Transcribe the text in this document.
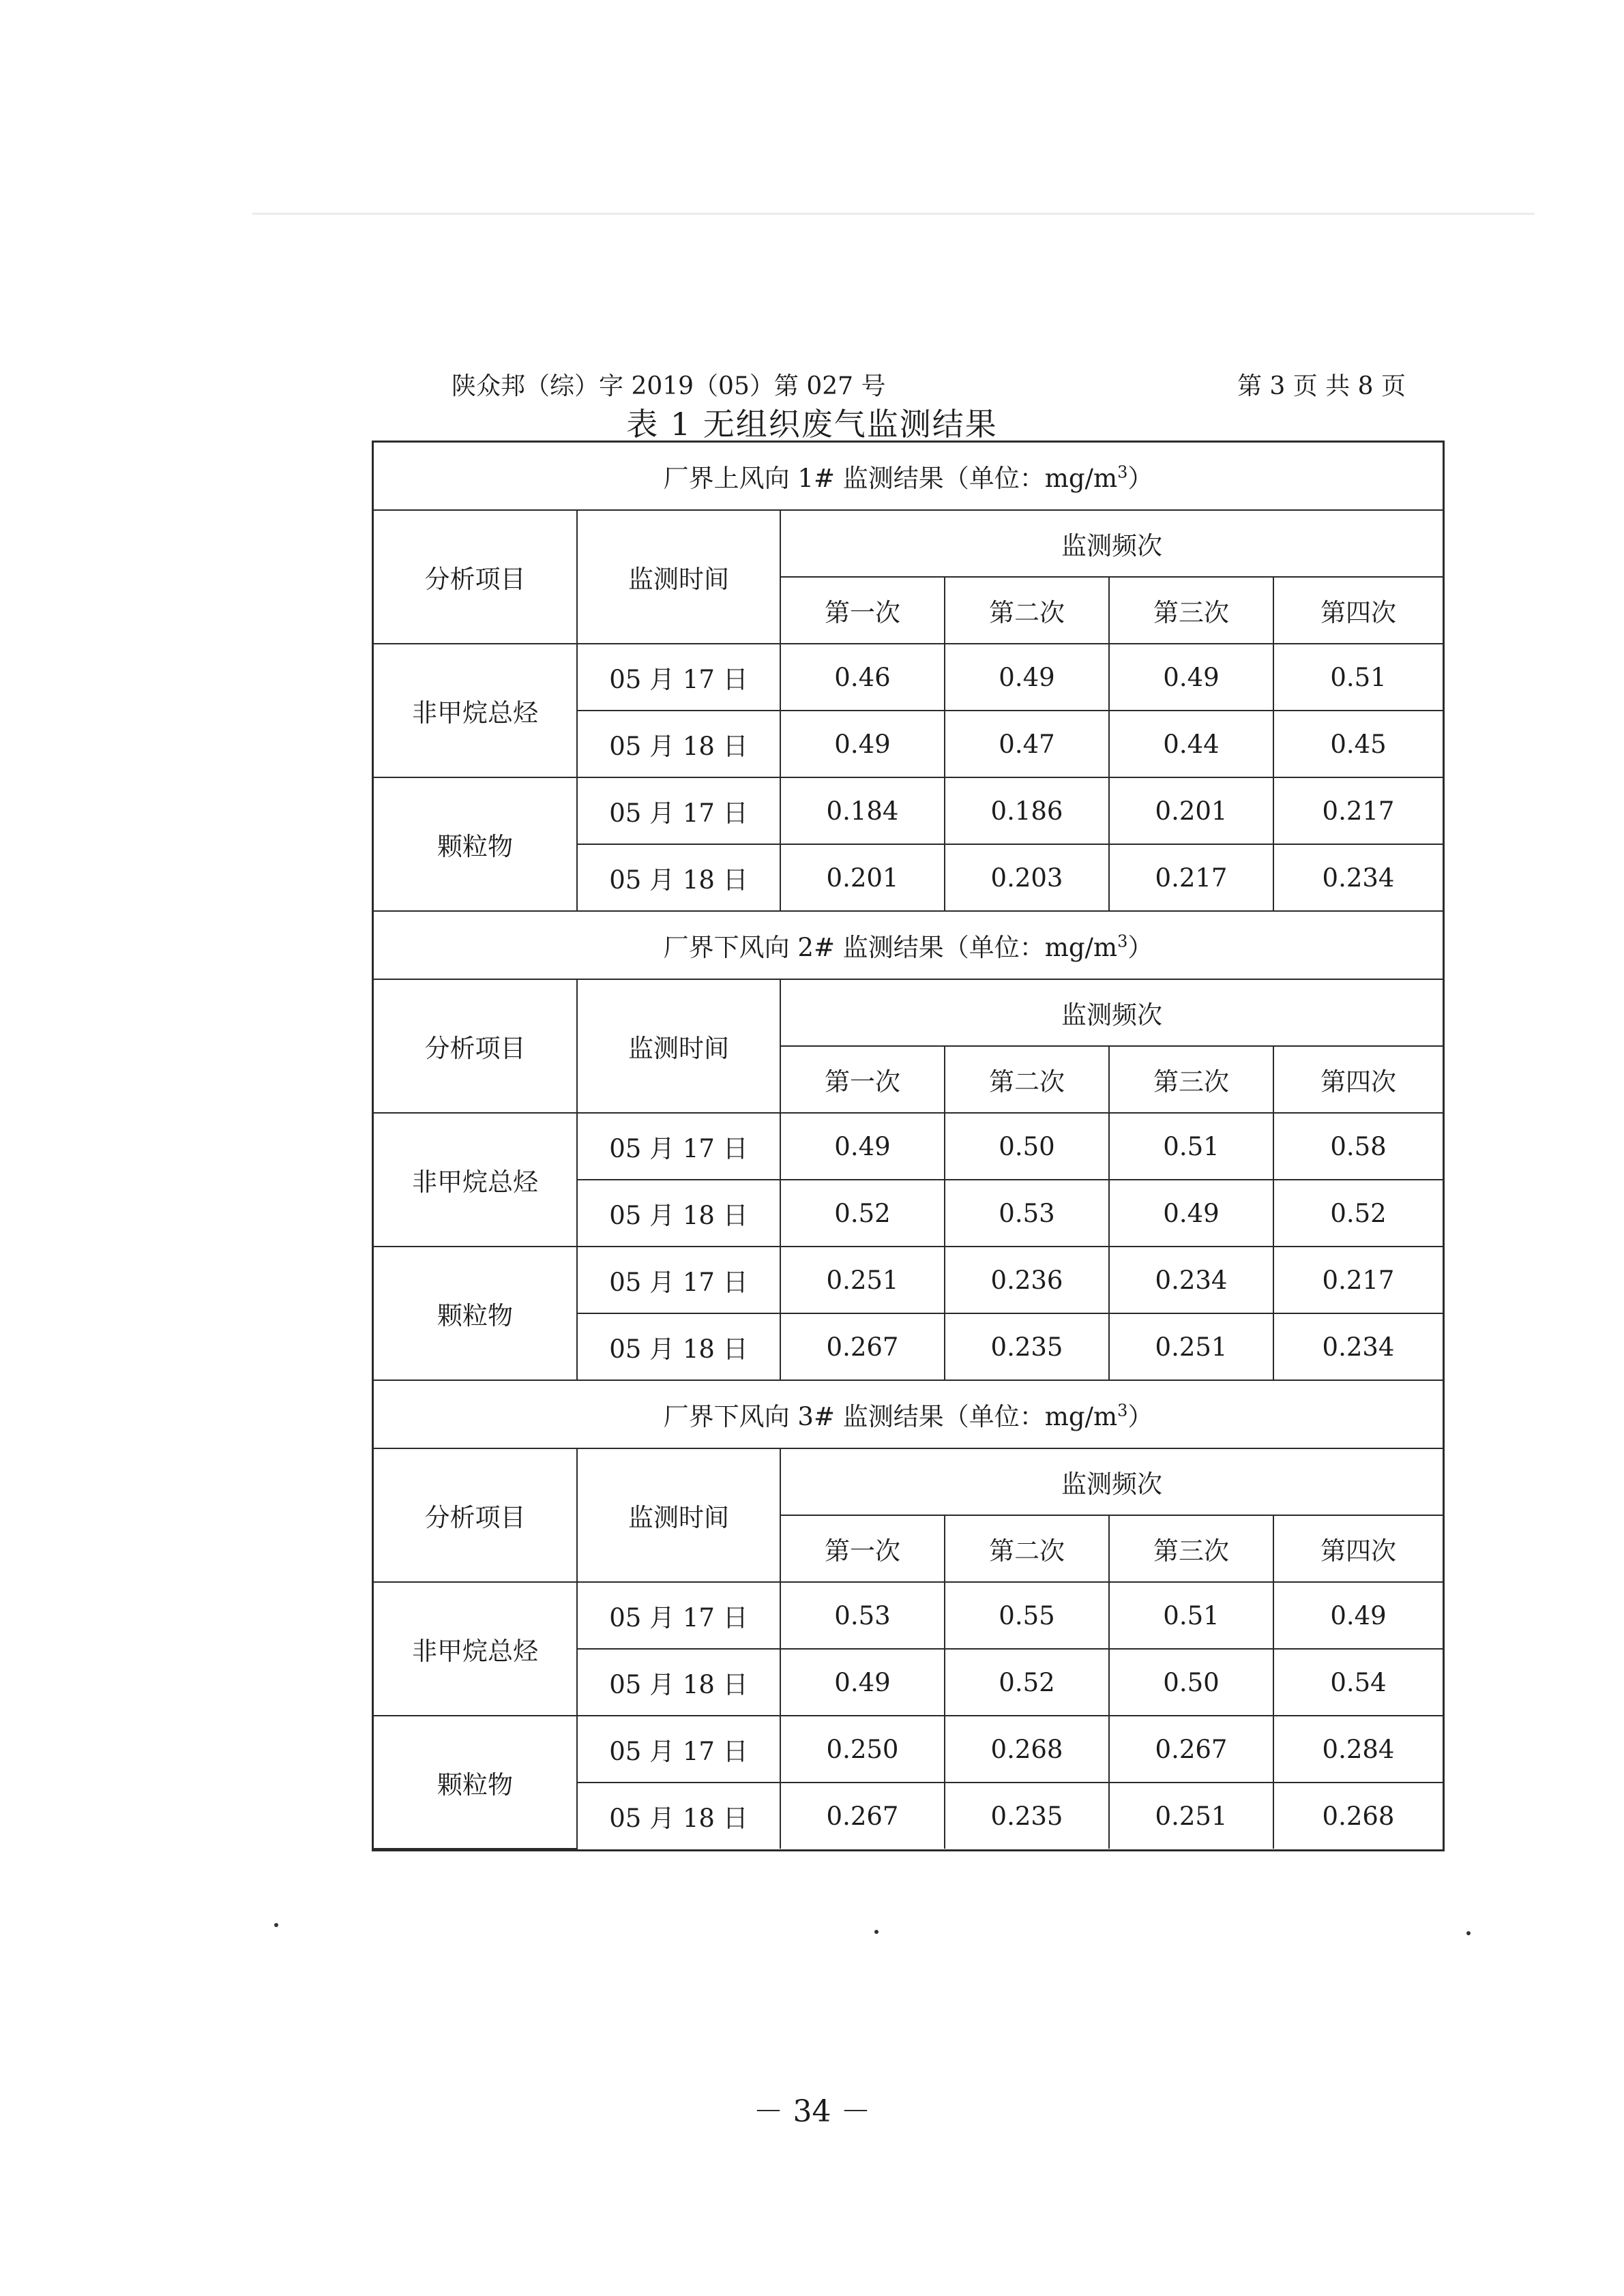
陕众邦（综）字 2019（05）第 027 号	第 3 页 共 8 页
表 1 无组织废气监测结果
厂界上风向 1# 监测结果（单位：$mg/m^3$）					
分析项目	监测时间	监测频次			
		第一次	第二次	第三次	第四次
非甲烷总烃	05 月 17 日	0.46	0.49	0.49	0.51
	05 月 18 日	0.49	0.47	0.44	0.45
颗粒物	05 月 17 日	0.184	0.186	0.201	0.217
	05 月 18 日	0.201	0.203	0.217	0.234
厂界下风向 2# 监测结果（单位：$mg/m^3$）					
分析项目	监测时间	监测频次			
		第一次	第二次	第三次	第四次
非甲烷总烃	05 月 17 日	0.49	0.50	0.51	0.58
	05 月 18 日	0.52	0.53	0.49	0.52
颗粒物	05 月 17 日	0.251	0.236	0.234	0.217
	05 月 18 日	0.267	0.235	0.251	0.234
厂界下风向 3# 监测结果（单位：$mg/m^3$）					
分析项目	监测时间	监测频次			
		第一次	第二次	第三次	第四次
非甲烷总烃	05 月 17 日	0.53	0.55	0.51	0.49
	05 月 18 日	0.49	0.52	0.50	0.54
颗粒物	05 月 17 日	0.250	0.268	0.267	0.284
	05 月 18 日	0.267	0.235	0.251	0.268
－ 34 －
